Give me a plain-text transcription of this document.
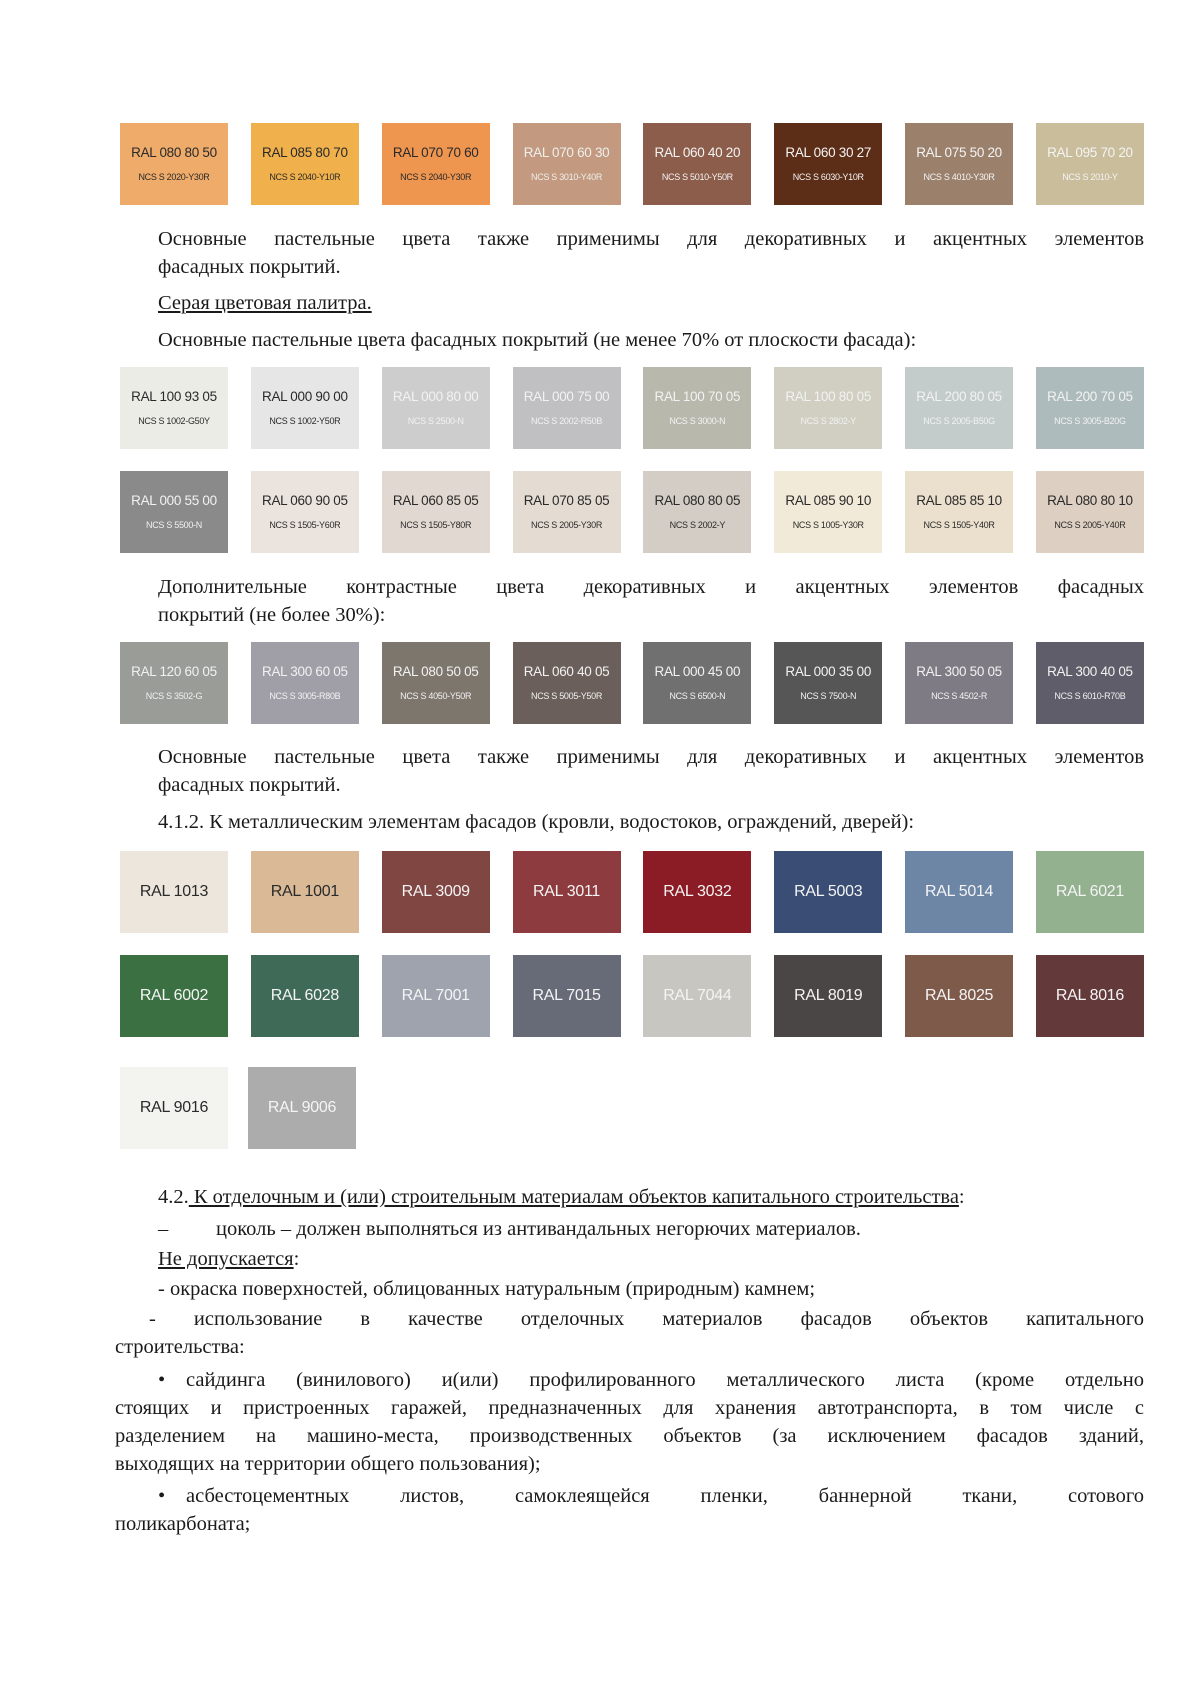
RAL 080 80 50
NCS S 2020-Y30R
RAL 085 80 70
NCS S 2040-Y10R
RAL 070 70 60
NCS S 2040-Y30R
RAL 070 60 30
NCS S 3010-Y40R
RAL 060 40 20
NCS S 5010-Y50R
RAL 060 30 27
NCS S 6030-Y10R
RAL 075 50 20
NCS S 4010-Y30R
RAL 095 70 20
NCS S 2010-Y
Основные пастельные цвета также применимы для декоративных и акцентных элементов
фасадных покрытий.
Серая цветовая палитра.
Основные пастельные цвета фасадных покрытий (не менее 70% от плоскости фасада):
RAL 100 93 05
NCS S 1002-G50Y
RAL 000 90 00
NCS S 1002-Y50R
RAL 000 80 00
NCS S 2500-N
RAL 000 75 00
NCS S 2002-R50B
RAL 100 70 05
NCS S 3000-N
RAL 100 80 05
NCS S 2802-Y
RAL 200 80 05
NCS S 2005-B50G
RAL 200 70 05
NCS S 3005-B20G
RAL 000 55 00
NCS S 5500-N
RAL 060 90 05
NCS S 1505-Y60R
RAL 060 85 05
NCS S 1505-Y80R
RAL 070 85 05
NCS S 2005-Y30R
RAL 080 80 05
NCS S 2002-Y
RAL 085 90 10
NCS S 1005-Y30R
RAL 085 85 10
NCS S 1505-Y40R
RAL 080 80 10
NCS S 2005-Y40R
Дополнительные контрастные цвета декоративных и акцентных элементов фасадных
покрытий (не более 30%):
RAL 120 60 05
NCS S 3502-G
RAL 300 60 05
NCS S 3005-R80B
RAL 080 50 05
NCS S 4050-Y50R
RAL 060 40 05
NCS S 5005-Y50R
RAL 000 45 00
NCS S 6500-N
RAL 000 35 00
NCS S 7500-N
RAL 300 50 05
NCS S 4502-R
RAL 300 40 05
NCS S 6010-R70B
Основные пастельные цвета также применимы для декоративных и акцентных элементов
фасадных покрытий.
4.1.2. К металлическим элементам фасадов (кровли, водостоков, ограждений, дверей):
RAL 1013	RAL 1001	RAL 3009	RAL 3011	RAL 3032	RAL 5003	RAL 5014	RAL 6021
RAL 6002	RAL 6028	RAL 7001	RAL 7015	RAL 7044	RAL 8019	RAL 8025	RAL 8016
RAL 9016	RAL 9006
4.2. К отделочным и (или) строительным материалам объектов капитального строительства:
– цоколь – должен выполняться из антивандальных негорючих материалов.
Не допускается:
- окраска поверхностей, облицованных натуральным (природным) камнем;
- использование в качестве отделочных материалов фасадов объектов капитального
строительства:
• сайдинга (винилового) и(или) профилированного металлического листа (кроме отдельно
стоящих и пристроенных гаражей, предназначенных для хранения автотранспорта, в том числе с
разделением на машино-места, производственных объектов (за исключением фасадов зданий,
выходящих на территории общего пользования);
• асбестоцементных листов, самоклеящейся пленки, баннерной ткани, сотового
поликарбоната;
